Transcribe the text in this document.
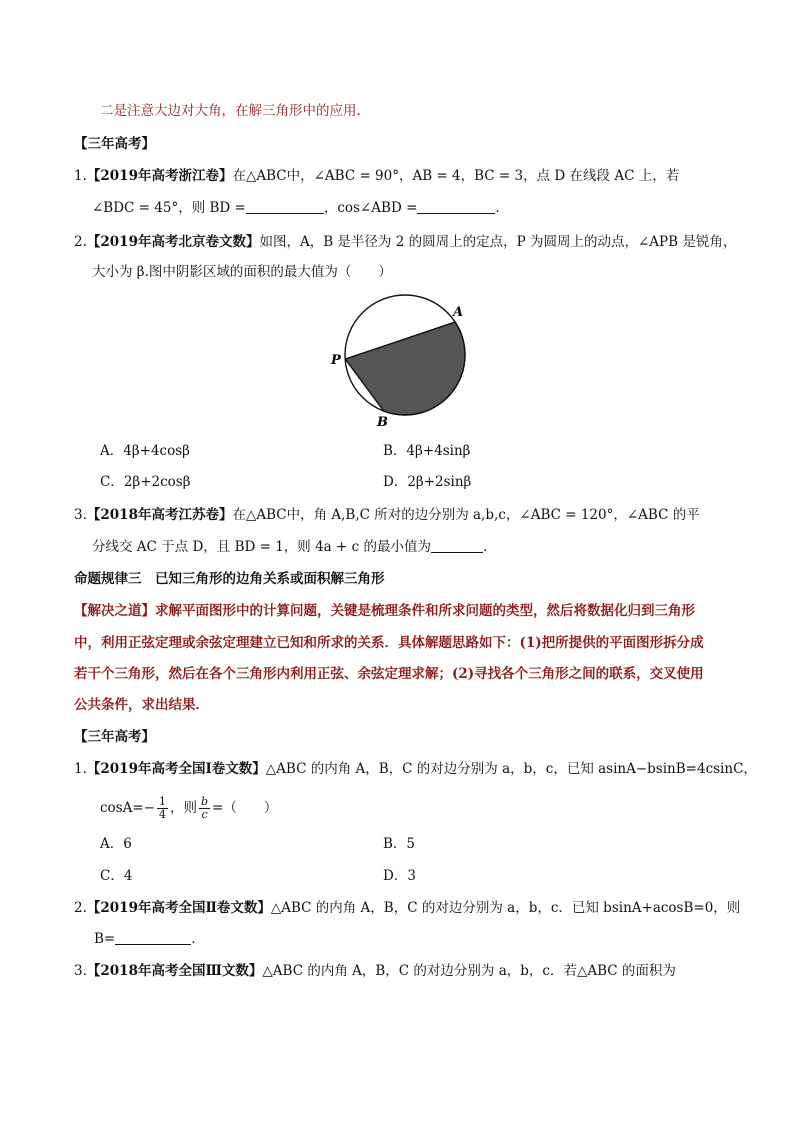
二是注意大边对大角，在解三角形中的应用.
【三年高考】
1.【2019年高考浙江卷】在△ABC中，∠ABC = 90°，AB = 4，BC = 3，点 D 在线段 AC 上，若
∠BDC = 45°，则 BD =	，cos∠ABD =	.
2.【2019年高考北京卷文数】如图，A，B 是半径为 2 的圆周上的定点，P 为圆周上的动点，∠APB 是锐角，
大小为 β.图中阴影区域的面积的最大值为（　　）
A
P
B
A．4β+4cosβ	B．4β+4sinβ
C．2β+2cosβ	D．2β+2sinβ
3.【2018年高考江苏卷】在△ABC中，角 A,B,C 所对的边分别为 a,b,c，∠ABC = 120°，∠ABC 的平
分线交 AC 于点 D，且 BD = 1，则 4a + c 的最小值为	.
命题规律三　已知三角形的边角关系或面积解三角形
【解决之道】求解平面图形中的计算问题，关键是梳理条件和所求问题的类型，然后将数据化归到三角形
中，利用正弦定理或余弦定理建立已知和所求的关系．具体解题思路如下：(1)把所提供的平面图形拆分成
若干个三角形，然后在各个三角形内利用正弦、余弦定理求解；(2)寻找各个三角形之间的联系，交叉使用
公共条件，求出结果．
【三年高考】
1.【2019年高考全国Ⅰ卷文数】△ABC 的内角 A，B，C 的对边分别为 a，b，c，已知 asinA−bsinB=4csinC，
$\cos A=- \frac{1}{4}$ ，则 $\frac{b}{c}$ =（　　）
A．6	B．5
C．4	D．3
2.【2019年高考全国Ⅱ卷文数】△ABC 的内角 A，B，C 的对边分别为 a，b，c．已知 bsinA+acosB=0，则
B=	.
3.【2018年高考全国Ⅲ文数】△ABC 的内角 A，B，C 的对边分别为 a，b，c．若△ABC 的面积为
